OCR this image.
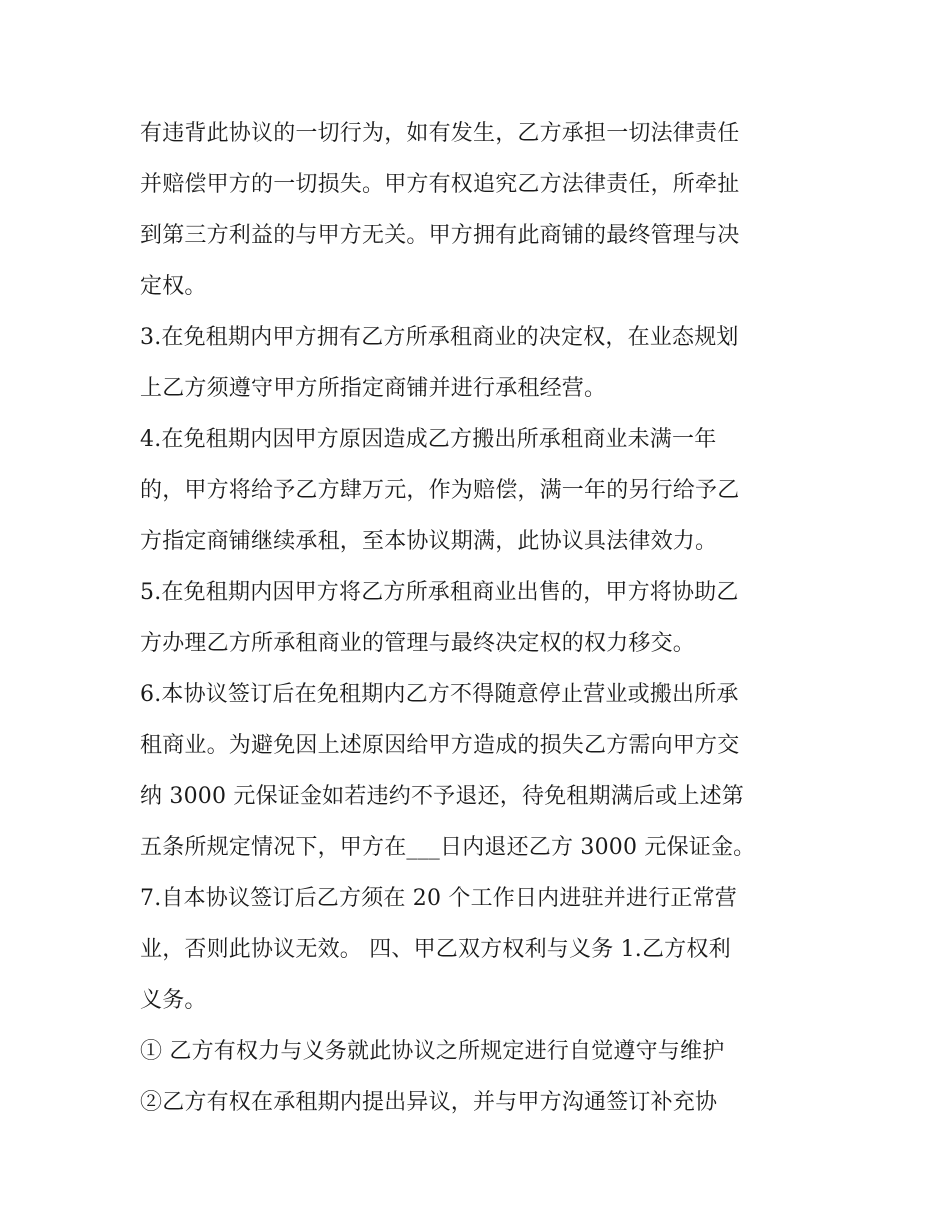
有违背此协议的一切行为，如有发生，乙方承担一切法律责任
并赔偿甲方的一切损失。甲方有权追究乙方法律责任，所牵扯
到第三方利益的与甲方无关。甲方拥有此商铺的最终管理与决
定权。
3.在免租期内甲方拥有乙方所承租商业的决定权，在业态规划
上乙方须遵守甲方所指定商铺并进行承租经营。
4.在免租期内因甲方原因造成乙方搬出所承租商业未满一年
的，甲方将给予乙方肆万元，作为赔偿，满一年的另行给予乙
方指定商铺继续承租，至本协议期满，此协议具法律效力。
5.在免租期内因甲方将乙方所承租商业出售的，甲方将协助乙
方办理乙方所承租商业的管理与最终决定权的权力移交。
6.本协议签订后在免租期内乙方不得随意停止营业或搬出所承
租商业。为避免因上述原因给甲方造成的损失乙方需向甲方交
纳 3000 元保证金如若违约不予退还，待免租期满后或上述第
五条所规定情况下，甲方在___日内退还乙方 3000 元保证金。
7.自本协议签订后乙方须在 20 个工作日内进驻并进行正常营
业，否则此协议无效。 四、甲乙双方权利与义务 1.乙方权利
义务。
① 乙方有权力与义务就此协议之所规定进行自觉遵守与维护
②乙方有权在承租期内提出异议，并与甲方沟通签订补充协
